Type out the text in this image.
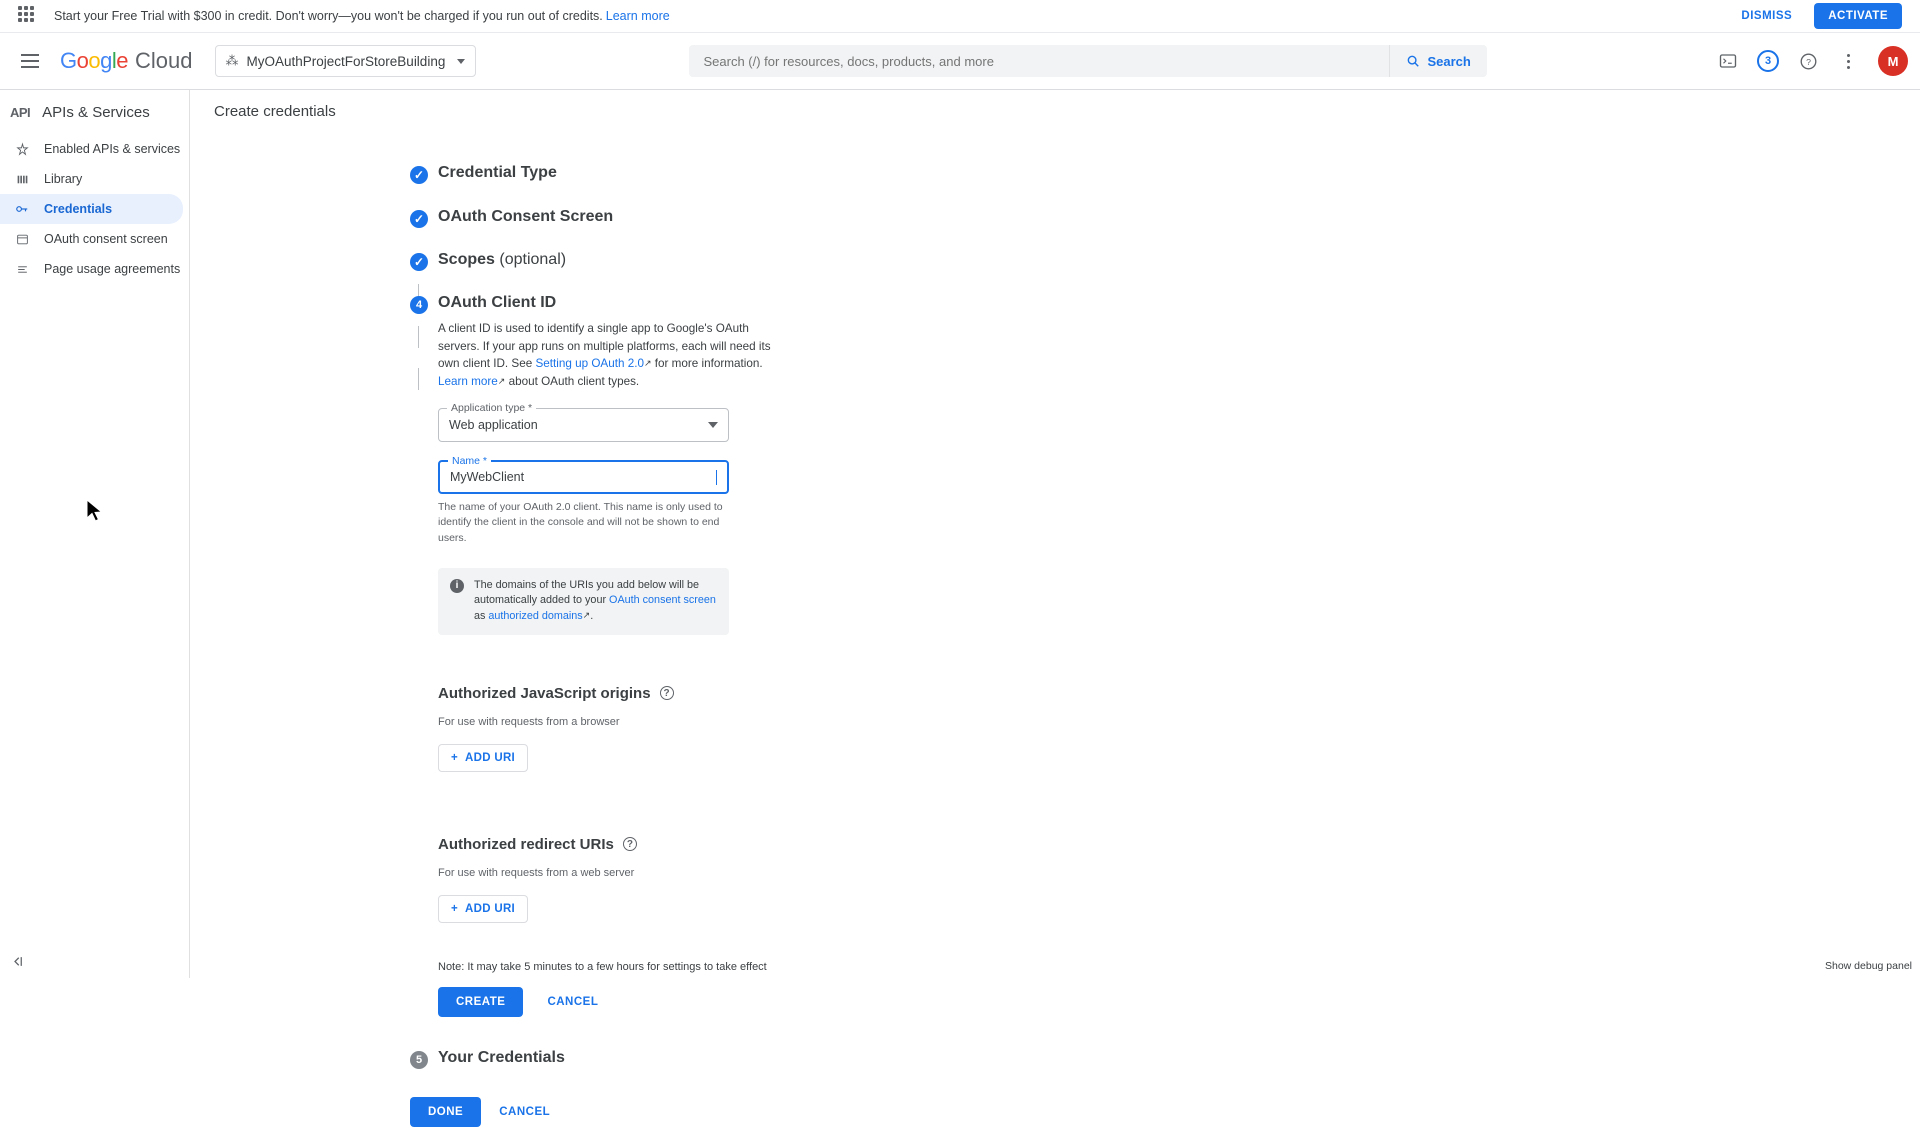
Start your Free Trial with $300 in credit. Don't worry—you won't be charged if you run out of credits. Learn more	DISMISS	ACTIVATE
Google Cloud	⁂ MyOAuthProjectForStoreBuilding
Search (/) for resources, docs, products, and more	Search	3	?	M
API APIs & Services
Enabled APIs & services
Library
Credentials
OAuth consent screen
Page usage agreements
Create credentials
✓ Credential Type
✓ OAuth Consent Screen
✓ Scopes (optional)
4 OAuth Client ID

A client ID is used to identify a single app to Google's OAuth servers. If your app runs on multiple platforms, each will need its own client ID. See Setting up OAuth 2.0↗ for more information. Learn more↗ about OAuth client types.

Application type *
Web application
Name *
MyWebClient
The name of your OAuth 2.0 client. This name is only used to identify the client in the console and will not be shown to end users.
i	The domains of the URIs you add below will be automatically added to your OAuth consent screen as authorized domains↗.
Authorized JavaScript origins	?
For use with requests from a browser
+ ADD URI
Authorized redirect URIs	?
For use with requests from a web server
+ ADD URI
Note: It may take 5 minutes to a few hours for settings to take effect
CREATE	CANCEL
5 Your Credentials
DONE	CANCEL
Show debug panel
